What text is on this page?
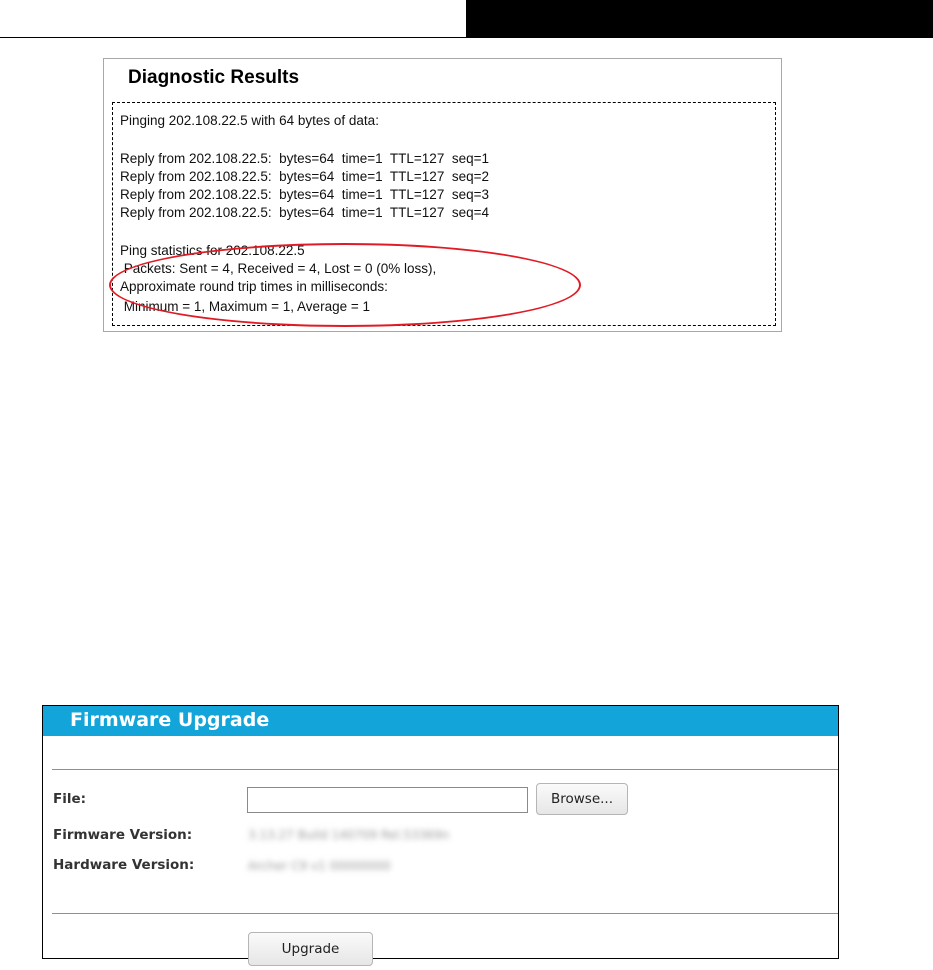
Diagnostic Results
Pinging 202.108.22.5 with 64 bytes of data:
Reply from 202.108.22.5:  bytes=64  time=1  TTL=127  seq=1
Reply from 202.108.22.5:  bytes=64  time=1  TTL=127  seq=2
Reply from 202.108.22.5:  bytes=64  time=1  TTL=127  seq=3
Reply from 202.108.22.5:  bytes=64  time=1  TTL=127  seq=4
Ping statistics for 202.108.22.5
Packets: Sent = 4, Received = 4, Lost = 0 (0% loss),
Approximate round trip times in milliseconds:
Minimum = 1, Maximum = 1, Average = 1
Firmware Upgrade
File:	Browse...
Firmware Version:	3.13.27 Build 140709 Rel.53369n
Hardware Version:	Archer C9 v1 00000000
Upgrade
